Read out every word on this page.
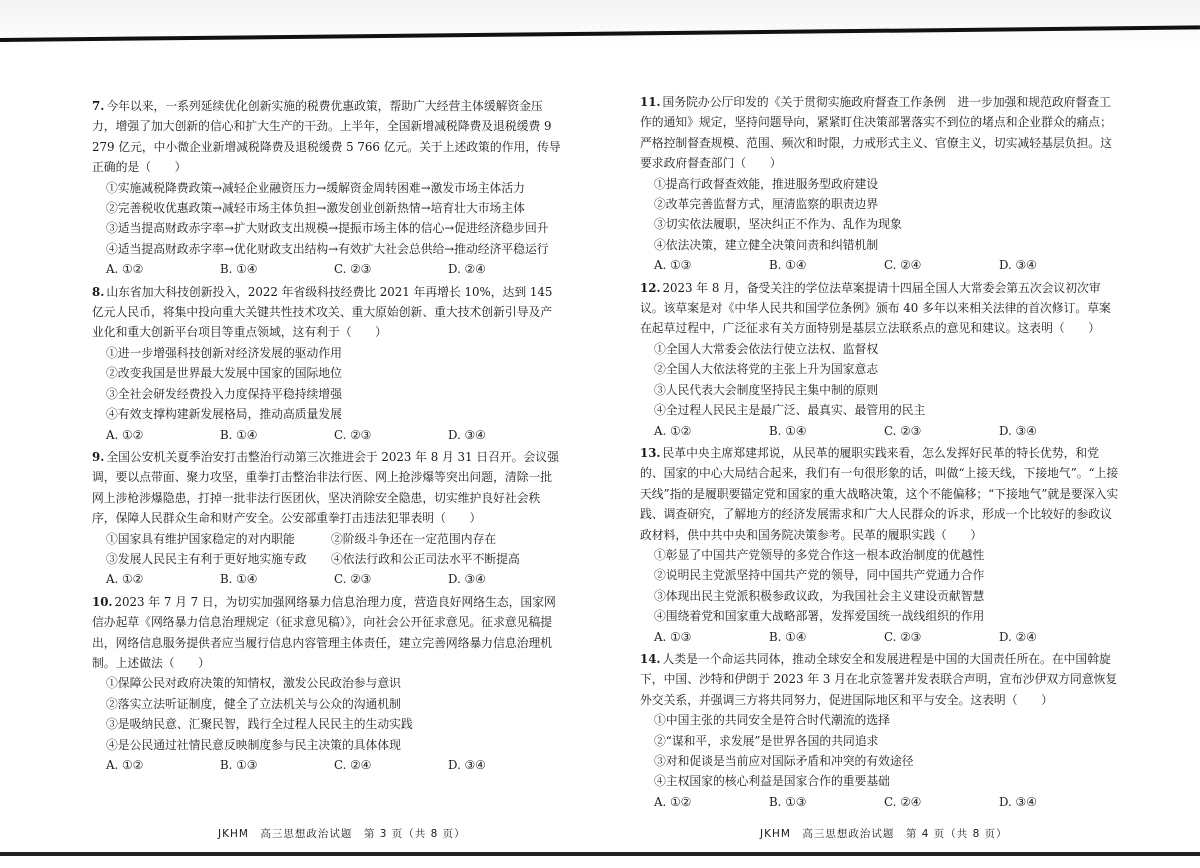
7. 今年以来，一系列延续优化创新实施的税费优惠政策，帮助广大经营主体缓解资金压力，增强了加大创新的信心和扩大生产的干劲。上半年，全国新增减税降费及退税缓费 9 279 亿元，中小微企业新增减税降费及退税缓费 5 766 亿元。关于上述政策的作用，传导正确的是（　　）
①实施减税降费政策→减轻企业融资压力→缓解资金周转困难→激发市场主体活力
②完善税收优惠政策→减轻市场主体负担→激发创业创新热情→培育壮大市场主体
③适当提高财政赤字率→扩大财政支出规模→提振市场主体的信心→促进经济稳步回升
④适当提高财政赤字率→优化财政支出结构→有效扩大社会总供给→推动经济平稳运行
A. ①②	B. ①④	C. ②③	D. ②④
8. 山东省加大科技创新投入，2022 年省级科技经费比 2021 年再增长 10%，达到 145 亿元人民币，将集中投向重大关键共性技术攻关、重大原始创新、重大技术创新引导及产业化和重大创新平台项目等重点领域，这有利于（　　）
①进一步增强科技创新对经济发展的驱动作用
②改变我国是世界最大发展中国家的国际地位
③全社会研发经费投入力度保持平稳持续增强
④有效支撑构建新发展格局，推动高质量发展
A. ①②	B. ①④	C. ②③	D. ③④
9. 全国公安机关夏季治安打击整治行动第三次推进会于 2023 年 8 月 31 日召开。会议强调，要以点带面、聚力攻坚，重拳打击整治非法行医、网上抢涉爆等突出问题，清除一批网上涉枪涉爆隐患，打掉一批非法行医团伙，坚决消除安全隐患，切实维护良好社会秩序，保障人民群众生命和财产安全。公安部重拳打击违法犯罪表明（　　）
①国家具有维护国家稳定的对内职能	②阶级斗争还在一定范围内存在
③发展人民民主有利于更好地实施专政	④依法行政和公正司法水平不断提高
A. ①②	B. ①④	C. ②③	D. ③④
10. 2023 年 7 月 7 日，为切实加强网络暴力信息治理力度，营造良好网络生态，国家网信办起草《网络暴力信息治理规定（征求意见稿）》，向社会公开征求意见。征求意见稿提出，网络信息服务提供者应当履行信息内容管理主体责任，建立完善网络暴力信息治理机制。上述做法（　　）
①保障公民对政府决策的知情权，激发公民政治参与意识
②落实立法听证制度，健全了立法机关与公众的沟通机制
③是吸纳民意、汇聚民智，践行全过程人民民主的生动实践
④是公民通过社情民意反映制度参与民主决策的具体体现
A. ①②	B. ①③	C. ②④	D. ③④
11. 国务院办公厅印发的《关于贯彻实施政府督查工作条例　进一步加强和规范政府督查工作的通知》规定，坚持问题导向，紧紧盯住决策部署落实不到位的堵点和企业群众的痛点；严格控制督查规模、范围、频次和时限，力戒形式主义、官僚主义，切实减轻基层负担。这要求政府督查部门（　　）
①提高行政督查效能，推进服务型政府建设
②改革完善监督方式，厘清监察的职责边界
③切实依法履职，坚决纠正不作为、乱作为现象
④依法决策，建立健全决策问责和纠错机制
A. ①③	B. ①④	C. ②④	D. ③④
12. 2023 年 8 月，备受关注的学位法草案提请十四届全国人大常委会第五次会议初次审议。该草案是对《中华人民共和国学位条例》颁布 40 多年以来相关法律的首次修订。草案在起草过程中，广泛征求有关方面特别是基层立法联系点的意见和建议。这表明（　　）
①全国人大常委会依法行使立法权、监督权
②全国人大依法将党的主张上升为国家意志
③人民代表大会制度坚持民主集中制的原则
④全过程人民民主是最广泛、最真实、最管用的民主
A. ①②	B. ①④	C. ②③	D. ③④
13. 民革中央主席郑建邦说，从民革的履职实践来看，怎么发挥好民革的特长优势，和党的、国家的中心大局结合起来，我们有一句很形象的话，叫做“上接天线，下接地气”。“上接天线”指的是履职要锚定党和国家的重大战略决策，这个不能偏移；“下接地气”就是要深入实践、调查研究，了解地方的经济发展需求和广大人民群众的诉求，形成一个比较好的参政议政材料，供中共中央和国务院决策参考。民革的履职实践（　　）
①彰显了中国共产党领导的多党合作这一根本政治制度的优越性
②说明民主党派坚持中国共产党的领导，同中国共产党通力合作
③体现出民主党派积极参政议政，为我国社会主义建设贡献智慧
④围绕着党和国家重大战略部署，发挥爱国统一战线组织的作用
A. ①③	B. ①④	C. ②③	D. ②④
14. 人类是一个命运共同体，推动全球安全和发展进程是中国的大国责任所在。在中国斡旋下，中国、沙特和伊朗于 2023 年 3 月在北京签署并发表联合声明，宣布沙伊双方同意恢复外交关系，并强调三方将共同努力，促进国际地区和平与安全。这表明（　　）
①中国主张的共同安全是符合时代潮流的选择
②“谋和平，求发展”是世界各国的共同追求
③对和促谈是当前应对国际矛盾和冲突的有效途径
④主权国家的核心利益是国家合作的重要基础
A. ①②	B. ①③	C. ②④	D. ③④
JKHM　高三思想政治试题　第 3 页（共 8 页）	JKHM　高三思想政治试题　第 4 页（共 8 页）
